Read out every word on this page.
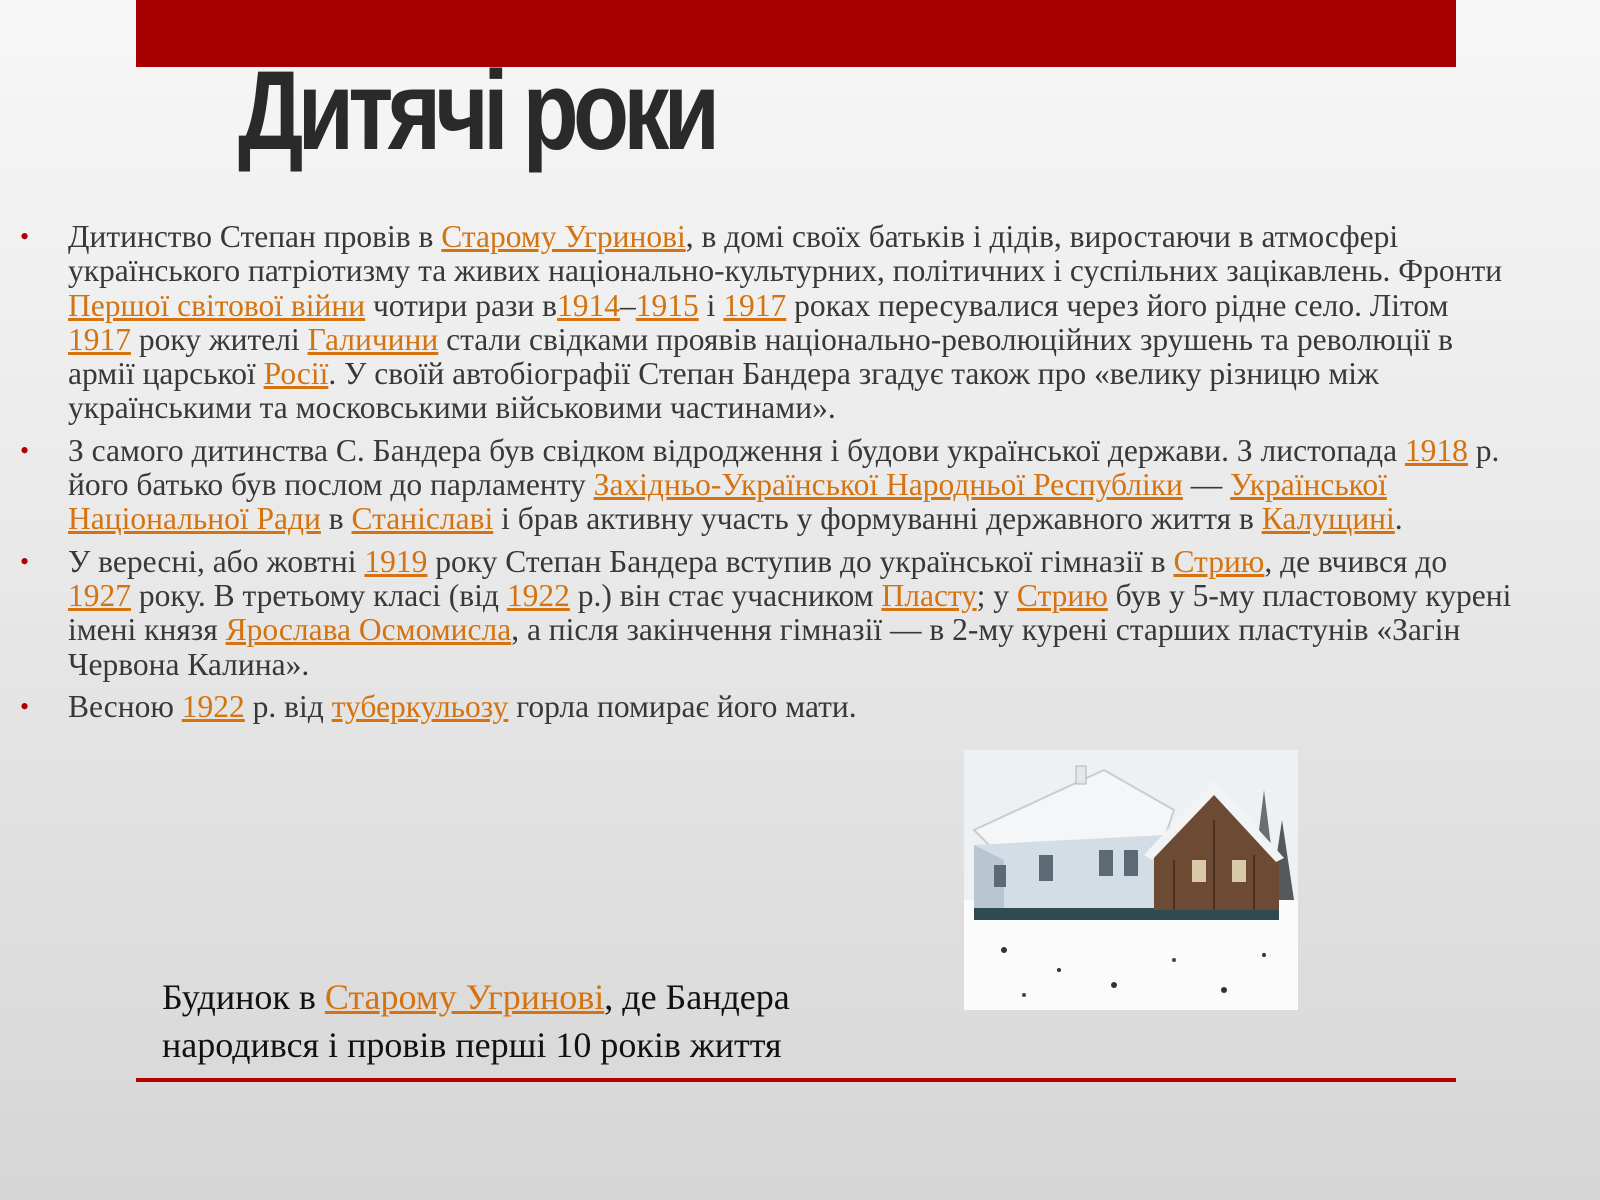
Дитячі роки
• Дитинство Степан провів в Старому Угринові, в домі своїх батьків і дідів, виростаючи в атмосфері українського патріотизму та живих національно-культурних, політичних і суспільних зацікавлень. Фронти Першої світової війни чотири рази в1914–1915 і 1917 роках пересувалися через його рідне село. Літом 1917 року жителі Галичини стали свідками проявів національно-революційних зрушень та революції в армії царської Росії. У своїй автобіографії Степан Бандера згадує також про «велику різницю між українськими та московськими військовими частинами».
• З самого дитинства С. Бандера був свідком відродження і будови української держави. З листопада 1918 р. його батько був послом до парламенту Західньо-Української Народньої Республіки — Української Національної Ради в Станіславі і брав активну участь у формуванні державного життя в Калущині.
• У вересні, або жовтні 1919 року Степан Бандера вступив до української гімназії в Стрию, де вчився до 1927 року. В третьому класі (від 1922 р.) він стає учасником Пласту; у Стрию був у 5-му пластовому курені імені князя Ярослава Осмомисла, а після закінчення гімназії — в 2-му курені старших пластунів «Загін Червона Калина».
• Весною 1922 р. від туберкульозу горла помирає його мати.
Будинок в Старому Угринові, де Бандера народився і провів перші 10 років життя
